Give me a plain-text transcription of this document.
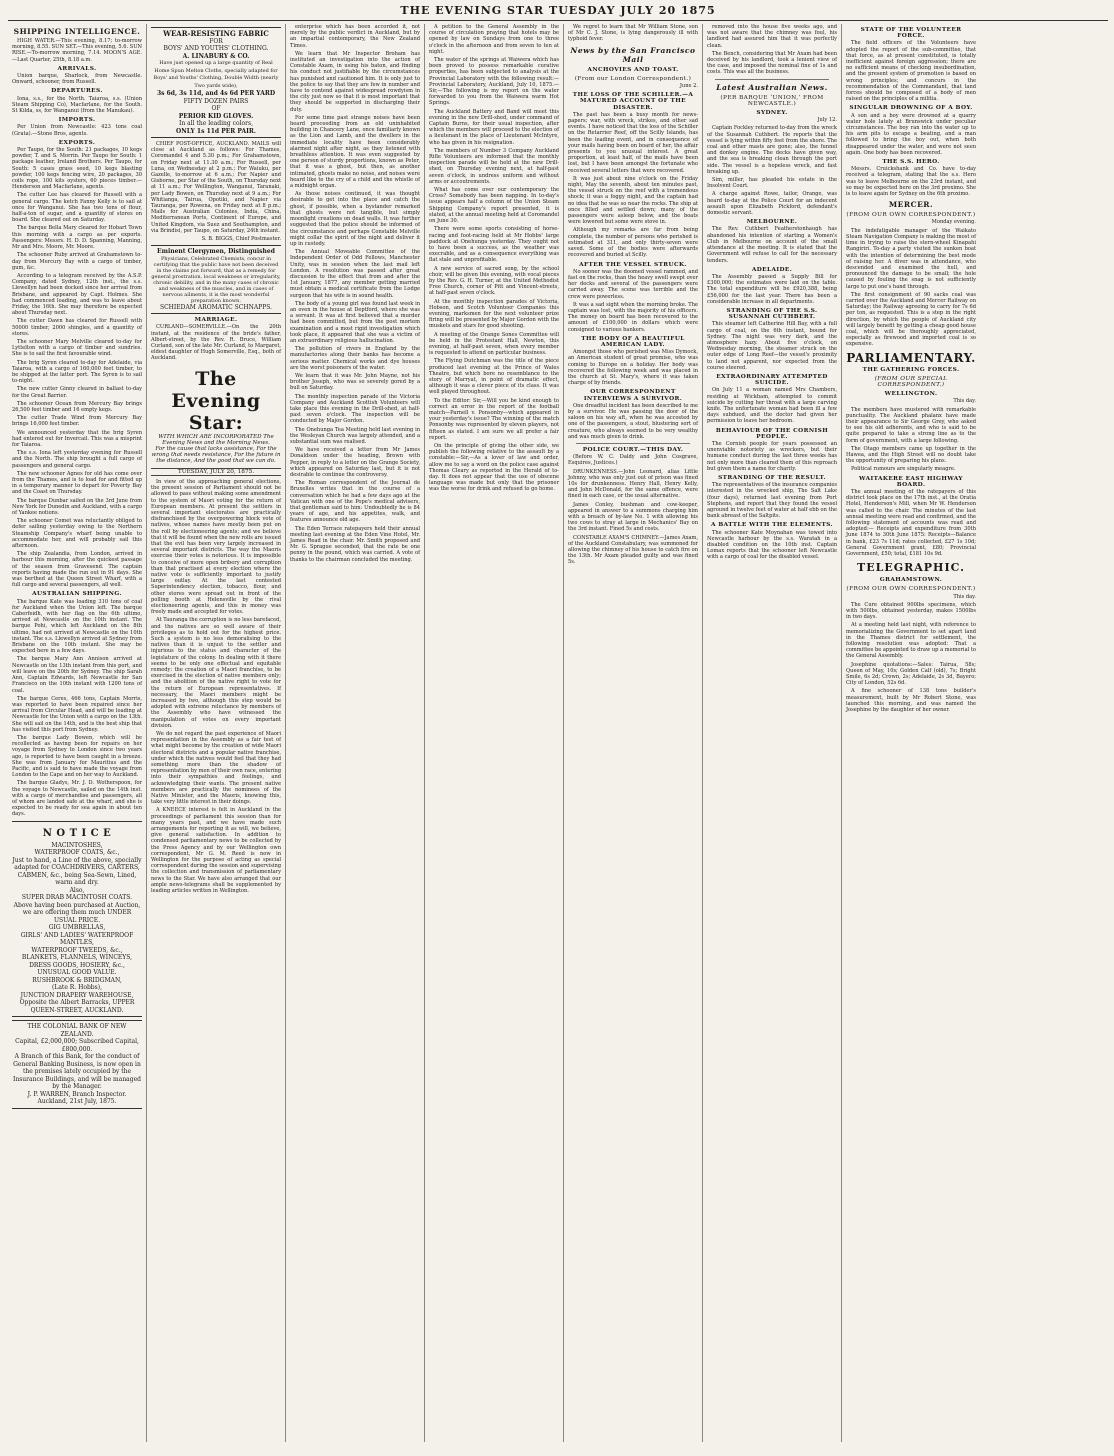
THE EVENING STAR TUESDAY JULY 20 1875
SHIPPING INTELLIGENCE.

HIGH WATER.—This evening, 8.17; to-morrow morning, 8.55. SUN SET.—This evening, 5.6. SUN RISE.—To-morrow morning, 7.14. MOON'S AGE.—Last Quarter, 25th, 8.18 a.m.

ARRIVALS.

Union barque, Sharlock, from Newcastle. Onward, schooner, from Russell.

DEPARTURES.

Iona, s.s., for the North. Taiaroa, s.s. (Union Steam Shipping Co), Macfarlane, for the South. St Kilda, ss, for Wanganui (from the Manukau).

IMPORTS.

Per Union from Newcastle: 423 tons coal (Grata).—Stone Bros, agents.

EXPORTS.

Per Taupo, for the South: 21 packages, 10 kegs powder, T. and S. Morrin. Per Taupo for South: 1 package leather, Ireland Brothers. Per Taupo, for South: 5 cases grass seed, 10 kegs blasting powder, 100 kegs fencing wire, 20 packages, 30 coils rope, 100 kits oysters, 60 pieces timber.—Henderson and Macfarlane, agents.

The cutter Lee has cleared for Russell with a general cargo. The ketch Fanny Kelly is to sail at once for Wanganui. She has two tons of flour, half-a-ton of sugar, and a quantity of stores on board. She cleared out on Saturday.

The barque Bella Mary cleared for Hobart Town this morning with a cargo as per exports. Passengers: Messrs. H. D. D. Spanning, Manning, Mr and Mrs. Moore, Mr. Moore.

The schooner Ruby arrived at Grahamstown to-day from Mercury Bay with a cargo of timber, gum, &c.

According to a telegram received by the A.S.P. Company, dated Sydney, 12th inst., the s.s. Llewellyn had been docked since her arrival from Brisbane, and appeared by Capt. Holmes. She had commenced loading, and was to leave about Friday, the 16th. She may therefore be expected about Thursday next.

The cutter Dawn has cleared for Russell with 50000 timber, 2000 shingles, and a quantity of stores.

The schooner Mary Melville cleared to-day for Lyttelton with a cargo of timber and sundries. She is to sail the first favourable wind.

The brig Syren cleared to-day for Adelaide, via Taiaroa, with a cargo of 160,000 feet timber, to be shipped at the latter port. The Syren is to sail to-night.

The new cutter Ginny cleared in ballast to-day for the Great Barrier.

The schooner Ocean from Mercury Bay brings 26,500 feet timber and 16 empty kegs.

The cutter Trade Wind from Mercury Bay brings 16,000 feet timber.

We announced yesterday that the brig Syren had entered out for Invercail. This was a misprint for Taiaroa.

The s.s. Iona left yesterday evening for Russell and the North. The ship brought a full cargo of passengers and general cargo.

The new schooner Agnes for old has come over from the Thames, and is to load for and fitted up in a temporary manner to depart for Poverty Bay and the Coast on Thursday.

The barque Dunbar sailed on the 3rd June from New York for Dunedin and Auckland, with a cargo of Yankee notions.

The schooner Comet was reluctantly obliged to defer sailing yesterday owing to the Northern Steamship Company's wharf being unable to accommodate her, and will probably sail this afternoon.

The ship Zealandia, from London, arrived in harbour this morning, after the quickest passage of the season from Gravesend. The captain reports having made the run out in 91 days. She was berthed at the Queen Street Wharf, with a full cargo and several passengers, all well.

AUSTRALIAN SHIPPING.

The barque Kate was loading 310 tons of coal for Auckland when the Union left. The barque Caberfeidh, with her flag on the 6th ultimo, arrived at Newcastle on the 10th instant. The barque Pohi, which left Auckland on the 8th ultimo, had not arrived at Newcastle on the 10th instant. The s.s. Llewellyn arrived at Sydney from Brisbane on the 10th instant. She may be expected here in a few days.

The barque Mary Ann Annison arrived at Newcastle on the 13th instant from this port, and will leave on the 20th for Sydney. The ship Sarah Ann, Captain Edwards, left Newcastle for San Francisco on the 10th instant with 1200 tons of coal.

The barque Ceres, 466 tons, Captain Morris, was reported to have been repaired since her arrival from Circular Head, and will be loading at Newcastle for the Union with a cargo on the 13th. She will sail on the 14th, and is the best ship that has visited this port from Sydney.

The barque Lady Bowen, which will be recollected as having been for repairs on her voyage from Sydney to London since two years ago, is reported to have been caught in a breeze. She was from January for Mauritius and the Pacific, and is said to have made the voyage from London to the Cape and on her way to Auckland.

The barque Gladys, Mr. J. D. Wotherspoon, for the voyage to Newcastle, sailed on the 14th inst. with a cargo of merchandise and passengers, all of whom are landed safe at the wharf, and she is expected to be ready for sea again in about ten days.

N O T I C E
MACINTOSHES,
WATERPROOF COATS, &c.,
Just to hand, a Line of the above, specially adapted for COACHDRIVERS, CARTERS, CABMEN, &c., being Sea-Sewn, Lined, warm and dry.
Also,
SUPER DRAB MACINTOSH COATS.
Above having been purchased at Auction, we are offering them much UNDER USUAL PRICE.
GIG UMBRELLAS,
GIRLS' AND LADIES' WATERPROOF MANTLES,
WATERPROOF TWEEDS, &c.,
BLANKETS, FLANNELS, WINCEYS, DRESS GOODS, HOSIERY, &c.,
UNUSUAL GOOD VALUE.
RUSHBROOK & BRIDGMAN,
(Late R. Hobbs),
JUNCTION DRAPERY WAREHOUSE,
Opposite the Albert Barracks, UPPER QUEEN-STREET, AUCKLAND.
THE COLONIAL BANK OF NEW ZEALAND.
Capital, £2,000,000; Subscribed Capital, £800,000.
A Branch of this Bank, for the conduct of General Banking Business, is now open in the premises lately occupied by the Insurance Buildings, and will be managed by the Manager.
J. P. WARREN, Branch Inspector.
Auckland, 21st July, 1875.
WEAR-RESISTING FABRIC
FOR
BOYS' AND YOUTHS' CLOTHING.
A. LINABURY & CO.
Have just opened up a large quantity of Real Home Spun Melton Cloths, specially adapted for Boys' and Youths' Clothing, Double Width (nearly Two yards wide),
3s 6d, 3s 11d, and 4s 6d PER YARD
FIFTY DOZEN PAIRS
OF
PERIOR KID GLOVES.
In all the leading colors,
ONLY 1s 11d PER PAIR.

CHIEF POST-OFFICE, AUCKLAND. MAILS will close at Auckland as follows: For Thames, Coromandel 4 and 5.30 p.m.; For Grahamstown, on Friday next at 11.30 a.m.; For Russell, per Luna, on Wednesday at 2 p.m.; For Waiuku, per Gazelle, to-morrow at 6 a.m.; For Napier and Gisborne, per Star of the South, on Thursday next at 11 a.m.; For Wellington, Wanganui, Taranaki, per Lady Bowen, on Thursday next at 9 a.m.; For Whitianga, Tairua, Opotiki, and Napier via Tauranga, per Rowena, on Friday next at 8 p.m.; Mails for Australian Colonies, India, China, Mediterranean Ports, Continent of Europe, and United Kingdom, via Suez and Southampton, and via Brindisi, per Taupo, on Saturday, 24th instant.

S. B. BIGGS, Chief Postmaster.

Eminent Clergymen, Distinguished
Physicians, Celebrated Chemists, concur in certifying that the public have not been deceived in the claims put forward, that as a remedy for general prostration, local weakness or irregularity, chronic debility, and in the many cases of chronic and weakness of the muscles, and in cases of nervous ailments, it is the most wonderful preparation known.
SCHIEDAM AROMATIC SCHNAPPS.
MARRIAGE.

CURLAND—SOMERVILLE.—On the 20th instant, at the residence of the bride's father, Albert-street, by the Rev. R. Bruce, William Curland, son of the late Mr. Curland, to Margaret, eldest daughter of Hugh Somerville, Esq., both of Auckland.

The Evening Star:
WITH WHICH ARE INCORPORATED The Evening News and the Morning News.
For the cause that lacks assistance, For the wrong that needs resistance, For the future in the distance, And the good that we can do.
TUESDAY, JULY 20, 1875.

In view of the approaching general elections, the present session of Parliament should not be allowed to pass without making some amendment to the system of Maori voting for the return of European members. At present the settlers in several important electorates are practically disfranchised by the overpowering block vote of natives, whose names have mostly been put on the roll by electioneering agents; and we believe that it will be found when the new rolls are issued that the evil has been very largely increased in several important districts. The way the Maoris exercise their votes is notorious. It is impossible to conceive of more open bribery and corruption than that practised at every election where the native vote is sufficiently important to justify large outlay. At the last contested Superintendency election, tobacco, flour, and other stores were spread out in front of the polling booth at Helensville by the rival electioneering agents, and this in money was freely made and accepted for votes.

At Tauranga the corruption is no less barefaced, and the natives are so well aware of their privileges as to hold out for the highest price. Such a system is no less demoralising to the natives than it is unjust to the settler and injurious to the status and character of the legislature of the colony. In dealing with it there seems to be only one effectual and equitable remedy: the creation of a Maori franchise, to be exercised in the election of native members only; and the abolition of the native right to vote for the return of European representatives. If necessary, the Maori members might be increased by two, although this step would be adopted with extreme reluctance by members of the Assembly who have witnessed the manipulation of votes on every important division.

We do not regard the past experience of Maori representation in the Assembly as a fair test of what might become by the creation of wide Maori electoral districts and a popular native franchise, under which the natives would feel that they had something more than the shadow of representation by men of their own race, entering into their sympathies and feelings, and acknowledging their wants. The present native members are practically the nominees of the Native Minister, and the Maoris, knowing this, take very little interest in their doings.

A KNEECE interest is felt in Auckland in the proceedings of parliament this session than for many years past, and we have made such arrangements for reporting it as will, we believe, give general satisfaction. In addition to condensed parliamentary news to be collected by the Press Agency and by our Wellington own correspondent, Mr G. M. Reed is now in Wellington for the purpose of acting as special correspondent during the session and supervising the collection and transmission of parliamentary news to the Star. We have also arranged that our ample news-telegrams shall be supplemented by leading articles written in Wellington.

enterprise which has been accorded it, not merely by the public verdict in Auckland, but by an impartial contemporary, the New Zealand Times.

We learn that Mr Inspector Broham has instituted an investigation into the action of Constable Axam, in using his baton, and finding his conduct not justifiable by the circumstances has punished and cautioned him. It is only just to the police to say that they are few in number and have to contend against widespread rowdyism in the city just now so that it is most important that they should be supported in discharging their duty.

For some time past strange noises have been heard proceeding from an old uninhabited building in Chancery Lane, once familiarly known as the Lion and Lamb, and the dwellers in the immediate locality have been considerably alarmed night after night, as they listened with breathless attention. It was even suggested by one person of sturdy proportions, known as Peter, that it was a ghost, but then, as another intimated, ghosts make no noise, and noises were heard like to the cry of a child and the whistle of a midnight organ.

As those noises continued, it was thought desirable to get into the place and catch the ghost, if possible, when a bystander remarked that ghosts were not tangible, but simply moonlight creations on dead walls. It was further suggested that the police should be informed of the circumstance and perhaps Constable Melville might collar the spirit of the night and deliver it up in custody.

The Annual Moveable Committee of the Independent Order of Odd Fellows, Manchester Unity, was in session when the last mail left London. A resolution was passed after great discussion to the effect that from and after the 1st January, 1877, any member getting married must obtain a medical certificate from the Lodge surgeon that his wife is in sound health.

The body of a young girl was found last week in an oven in the house at Deptford, where she was a servant. It was at first believed that a murder had been committed, but from the post mortem examination and a most rigid investigation which took place, it appeared that she was a victim of an extraordinary religious hallucination.

The pollution of rivers in England by the manufactories along their banks has become a serious matter. Chemical works and dye houses are the worst poisoners of the water.

We learn that it was Mr. John Mayne, not his brother Joseph, who was so severely gored by a bull on Saturday.

The monthly inspection parade of the Victoria Company and Auckland Scottish Volunteers will take place this evening in the Drill-shed, at half-past seven o'clock. The inspection will be conducted by Major Gordon.

The Onehunga Tea Meeting held last evening in the Wesleyan Church was largely attended, and a substantial sum was realised.

We have received a letter from Mr James Donaldson under the heading, Brown with Pepper, in reply to a letter on the Grange Society, which appeared on Saturday last, but it is not desirable to continue the controversy.

The Roman correspondent of the Journal de Bruxelles writes that in the course of a conversation which he had a few days ago at the Vatican with one of the Pope's medical advisers, that gentleman said to him: Undoubtedly he is 84 years of age, and his appetites, walk, and features announce old age.

The Eden Terrace ratepayers held their annual meeting last evening at the Eden Vine Hotel, Mr. James Read in the chair. Mr. Smith proposed and Mr. G. Sprague seconded, that the rate be one penny in the pound, which was carried. A vote of thanks to the chairman concluded the meeting.

A petition to the General Assembly in the course of circulation praying that hotels may be opened by law on Sundays from one to three o'clock in the afternoon and from seven to ten at night.

The water of the springs at Waiwera which has been proved to possess remarkable curative properties, has been subjected to analysis at the Provincial Laboratory with the following result:— Provincial Laboratory, Auckland, July 10, 1875.—Sir,—The following is my report on the water forwarded to you from the Waiwera warm Hot Springs.

The Auckland Battery and Band will meet this evening in the new Drill-shed, under command of Captain Burns, for their usual inspection, after which the members will proceed to the election of a lieutenant in the place of Lieutenant McIntyre, who has given in his resignation.

The members of Number 3 Company Auckland Rifle Volunteers are informed that the monthly inspection parade will be held at the new Drill-shed, on Thursday evening next, at half-past seven o'clock, in undress uniform and without arms or accoutrements.

What has come over our contemporary the Cross? Somebody has been napping. In to-day's issue appears half a column of the Union Steam Shipping Company's report presented, it is stated, at the annual meeting held at Coromandel on June 30.

There were some sports consisting of horse-racing and foot-racing held at Mr Hobbs' large paddock at Onehunga yesterday. They ought not to have been a success, as the weather was execrable, and as a consequence everything was flat stale and unprofitable.

A new service of sacred song, by the school choir, will be given this evening, with vocal pieces by the Rev. G. H. Turner, at the United Methodist Free Church, corner of Pitt and Vincent-streets, at half-past seven o'clock.

At the monthly inspection parades of Victoria, Hobson, and Scotch Volunteer Companies this evening, marksmen for the next volunteer prize firing will be presented by Major Gordon with the muskets and stars for good shooting.

A meeting of the Orange Sones Committee will be held in the Protestant Hall, Newton, this evening, at half-past seven, when every member is requested to attend on particular business.

The Flying Dutchman was the title of the piece produced last evening at the Prince of Wales Theatre, but which bore no resemblance to the story of Marryat, in point of dramatic effect, although it was a clever piece of its class. It was well played throughout.

To the Editor: Sir,—Will you be kind enough to correct an error in the report of the football match—Parnell v. Ponsonby—which appeared in your yesterday's issue? The winning of the match Ponsonby was represented by eleven players, not fifteen as stated. I am sure we all prefer a fair report.

On the principle of giving the other side, we publish the following relative to the assault by a constable:—Sir,—As a lover of law and order, allow me to say a word on the police case against Thomas Cleary as reported in the Herald of to-day. It does not appear that the use of obscene language was made but only that the prisoner was the worse for drink and refused to go home.

We regret to learn that Mr William Stone, son of Mr C. J. Stone, is lying dangerously ill with typhoid fever.

News by the San Francisco Mail
ANCHOVIES AND TOAST.
(From our London Correspondent.)

June 2.

THE LOSS OF THE SCHILLER.—A MATURED ACCOUNT OF THE DISASTER.

The past has been a busy month for news-papers; war, with wreck, strikes, and other sad events. I have noticed that the loss of the Schiller on the Retarrier Reef, off the Scilly Islands, has been the leading event, and in consequence of your mails having been on board of her, the affair presents to you unusual interest. A great proportion, at least half, of the mails have been lost, but I have been amongst the fortunate who received several letters that were recovered.

It was just about nine o'clock on the Friday night, May the seventh, about ten minutes past, the vessel struck on the reef with a tremendous shock; it was a foggy night, and the captain had no idea that he was so near the rocks. The ship at once filled and settled down; many of the passengers were asleep below, and the boats were lowered but some were stove in.

Although my remarks are far from being complete, the number of persons who perished is estimated at 311, and only thirty-seven were saved. Some of the bodies were afterwards recovered and buried at Scilly.

AFTER THE VESSEL STRUCK.

No sooner was the doomed vessel rammed, and fast on the rocks, than the heavy swell swept over her decks and several of the passengers were carried away. The scene was terrible and the crew were powerless.

It was a sad sight when the morning broke. The captain was lost, with the majority of his officers. The money on board has been recovered to the amount of £100,000 in dollars which were consigned to various bankers.

THE BODY OF A BEAUTIFUL AMERICAN LADY.

Amongst those who perished was Miss Dymock, an American student of great promise, who was coming to Europe on a holiday. Her body was recovered the following week and was placed in the church at St. Mary's, where it was taken charge of by friends.

OUR CORRESPONDENT INTERVIEWS A SURVIVOR.

One dreadful incident has been described to me by a survivor. He was passing the door of the saloon on his way aft, when he was accosted by one of the passengers, a stout, blustering sort of creature, who always seemed to be very wealthy and was much given to drink.

POLICE COURT.—THIS DAY.

(Before W. C. Daldy and John Cosgrave, Esquires, Justices.)

DRUNKENNESS.—John Leonard, alias Little Johnny, who was only just out of prison was fined 10s for drunkenness. Henry Hall, Henry Kelly, and John McDonald, for the same offence, were fined in each case, or the usual alternative.

James Conley, bushman and cow-keeper, appeared in answer to a summons charging him with a breach of by-law No. 1 with allowing his two cows to stray at large in Mechanics' Bay on the 3rd instant. Fined 5s and costs.

CONSTABLE AXAM'S CHIMNEY.—James Axam, of the Auckland Constabulary, was summoned for allowing the chimney of his house to catch fire on the 13th. Mr Axam pleaded guilty and was fined 5s.

removed into the house five weeks ago, and was not aware that the chimney was foul, his landlord had assured him that it was perfectly clean.

The Bench, considering that Mr Axam had been deceived by his landlord, took a lenient view of the case, and imposed the nominal fine of 1s and costs. This was all the business.

Latest Australian News.
(PER BARQUE ‘UNION,’ FROM NEWCASTLE.)
SYDNEY.

July 12.

Captain Fockley returned to-day from the wreck of the Susannah Cuthbert. He reports that the vessel is lying within fifty feet from the shore. The coal and other masts are gone; also, the funnel and donkey engine. The decks have given way, and the sea is breaking clean through the port side. The vessel is a hopeless wreck, and fast breaking up.

Sim, miller, has pleaded his estate in the Insolvent Court.

A charge against Rowe, tailor, Orange, was heard to-day at the Police Court for an indecent assault upon Elizabeth Pickford, defendant's domestic servant.

MELBOURNE.

The Rev. Cuthbert Featherstonhaugh has abandoned his intention of starting a Women's Club in Melbourne on account of the small attendance at the meeting. It is stated that the Government will refuse to call for the necessary tenders.

ADELAIDE.

The Assembly passed a Supply Bill for £300,000; the estimates were laid on the table. The total expenditure will be £920,388, being £56,000 for the last year. There has been a considerable increase in all departments.

STRANDING OF THE S.S. SUSANNAH CUTHBERT.

This steamer left Catherine Hill Bay, with a full cargo of coal, on the 6th instant, bound for Sydney. The night was very dark, and the atmosphere hazy. About five o'clock, on Wednesday morning, the steamer struck on the outer edge of Long Reef—the vessel's proximity to land not apparent, nor expected from the course steered.

EXTRAORDINARY ATTEMPTED SUICIDE.

On July 11 a woman named Mrs Chambers, residing at Wickham, attempted to commit suicide by cutting her throat with a large carving knife. The unfortunate woman had been ill a few days subdued, and the doctor had given her permission to leave her bedroom.

BEHAVIOUR OF THE CORNISH PEOPLE.

The Cornish people for years possessed an unenviable notoriety as wreckers, but their humane conduct during the last three weeks has not only more than cleared them of this reproach but given them a name for charity.

STRANDING OF THE RESULT.

The representatives of the insurance companies interested in the wrecked ship, The Salt Lake (four days), returned last evening from Port Stephens, and report that they found the vessel aground in twelve feet of water at half ebb on the bank abreast of the Saltpits.

A BATTLE WITH THE ELEMENTS.

The schooner Kate Moynahan was towed into Newcastle harbour by the s.s. Waratah in a disabled condition on the 10th inst. Captain Lomax reports that the schooner left Newcastle with a cargo of coal for the disabled vessel.

STATE OF THE VOLUNTEER FORCE.

The field officers of the Volunteers have adopted the report of the sub-committee, that that force, as at present constituted, is totally inefficient against foreign aggression; there are no sufficient means of checking insubordination, and the present system of promotion is based on wrong principles; and concurs in the recommendation of the Commandant, that land forces should be composed of a body of men raised on the principles of a militia.

SINGULAR DROWNING OF A BOY.

A son and a boy were drowned at a quarry water hole lately at Brunswick under peculiar circumstances. The boy ran into the water up to his arm pits to escape a beating, and a man followed to bring the boy out, when both disappeared under the water, and were not seen again. One body has been recovered.

THE S.S. HERO.

Messrs. Cruickshank and Co. have to-day received a telegram, stating that the s.s. Hero was to leave Melbourne on the 23rd instant, and so may be expected here on the 3rd proximo. She is to leave again for Sydney on the 6th proximo.

MERCER.
(FROM OUR OWN CORRESPONDENT.)

Monday evening.

The indefatigable manager of the Waikato Steam Navigation Company is making the most of time in trying to raise the stern-wheel Kinapahi Rangiriri. To-day a party visited the sunken boat with the intention of determining the best mode of raising her. A diver was in attendance, who descended and examined the hull, and pronounced the damage to be small; the hole caused by fouling the snag is not sufficiently large to put one's hand through.

The first consignment of 90 sacks coal was carried over the Auckland and Mercer Railway on Saturday; the Railway agreeing to carry for 7s 6d per ton, as requested. This is a step in the right direction, by which the people of Auckland city will largely benefit by getting a cheap good house coal, which will be thoroughly appreciated, especially as firewood and imported coal is so expensive.

PARLIAMENTARY.
THE GATHERING FORCES.
(FROM OUR SPECIAL CORRESPONDENT.)
WELLINGTON.

This day.

The members have mustered with remarkable punctuality. The Auckland phalanx have made their appearance to Sir George Grey, who asked to see his old adherents, and who is said to be quite prepared to take a strong line as to the form of government, with a large following.

The Otago members came up together in the Hawea, and the High Street will no doubt take the opportunity of preparing his plans.

Political rumours are singularly meagre.

WAITAKERE EAST HIGHWAY BOARD.

The annual meeting of the ratepayers of this district took place on the 17th inst., at the Oratia Hotel, Henderson's Mill, when Mr W. Henderson was called to the chair. The minutes of the last annual meeting were read and confirmed, and the following statement of accounts was read and adopted:— Receipts and expenditure from 30th June 1874 to 30th June 1875: Receipts—Balance in bank, £23 7s 11d; rates collected, £27 1s 10d; General Government grant, £80; Provincial Government, £50; total, £181 10s 9d.

TELEGRAPHIC.
GRAHAMSTOWN.
(FROM OUR OWN CORRESPONDENT.)

This day.

The Cure obtained 900lbs specimens, which with 500lbs, obtained yesterday, makes 1500lbs in two days.

At a meeting held last night, with reference to memorializing the Government to set apart land in the Thames district for settlement, the following resolution was adopted: That a committee be appointed to draw up a memorial to the General Assembly.

Josephine quotations:—Sales: Tairua, 58s; Queen of May, 10s; Golden Calf (old), 7s; Bright Smile, 6s 2d; Crown, 2s; Adelaide, 2s 3d, Bayero; City of London, 52s 6d.

A fine schooner of 138 tons builder's measurement, built by Mr Robert Stone, was launched this morning, and was named the Josephine by the daughter of her owner.
